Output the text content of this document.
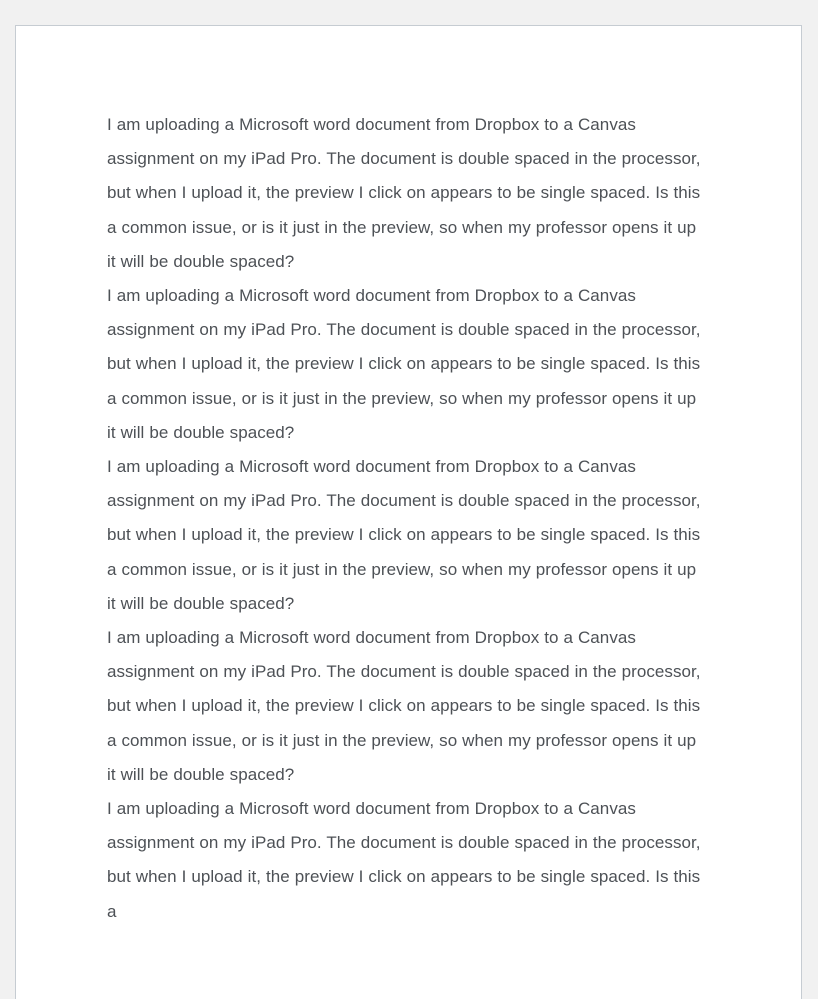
I am uploading a Microsoft word document from Dropbox to a Canvas assignment on my iPad Pro. The document is double spaced in the processor, but when I upload it, the preview I click on appears to be single spaced. Is this a common issue, or is it just in the preview, so when my professor opens it up it will be double spaced?

I am uploading a Microsoft word document from Dropbox to a Canvas assignment on my iPad Pro. The document is double spaced in the processor, but when I upload it, the preview I click on appears to be single spaced. Is this a common issue, or is it just in the preview, so when my professor opens it up it will be double spaced?

I am uploading a Microsoft word document from Dropbox to a Canvas assignment on my iPad Pro. The document is double spaced in the processor, but when I upload it, the preview I click on appears to be single spaced. Is this a common issue, or is it just in the preview, so when my professor opens it up it will be double spaced?

I am uploading a Microsoft word document from Dropbox to a Canvas assignment on my iPad Pro. The document is double spaced in the processor, but when I upload it, the preview I click on appears to be single spaced. Is this a common issue, or is it just in the preview, so when my professor opens it up it will be double spaced?

I am uploading a Microsoft word document from Dropbox to a Canvas assignment on my iPad Pro. The document is double spaced in the processor, but when I upload it, the preview I click on appears to be single spaced. Is this a
